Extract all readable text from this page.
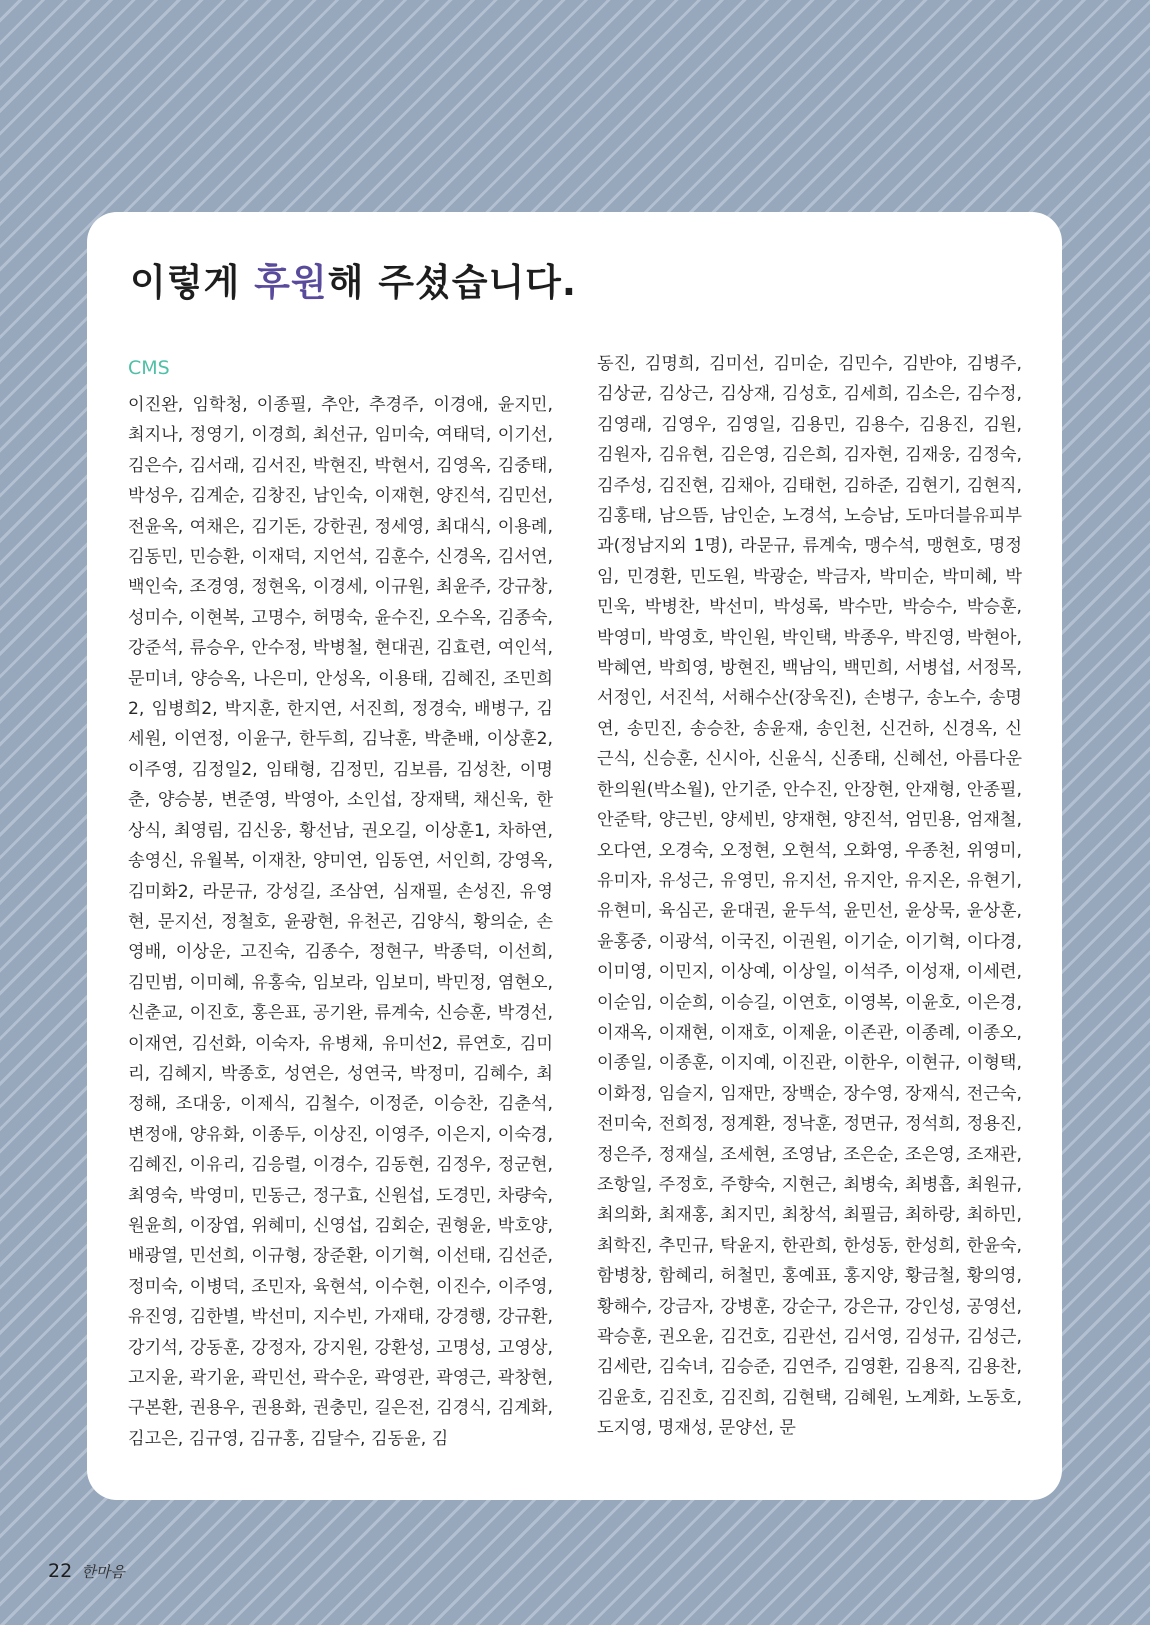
이렇게 후원해 주셨습니다.
CMS
이진완, 임학청, 이종필, 추안, 추경주, 이경애, 윤지민, 최지나, 정영기, 이경희, 최선규, 임미숙, 여태덕, 이기선, 김은수, 김서래, 김서진, 박현진, 박현서, 김영옥, 김중태, 박성우, 김계순, 김창진, 남인숙, 이재현, 양진석, 김민선, 전윤옥, 여채은, 김기돈, 강한권, 정세영, 최대식, 이용례, 김동민, 민승환, 이재덕, 지언석, 김훈수, 신경옥, 김서연, 백인숙, 조경영, 정현옥, 이경세, 이규원, 최윤주, 강규창, 성미수, 이현복, 고명수, 허명숙, 윤수진, 오수옥, 김종숙, 강준석, 류승우, 안수정, 박병철, 현대권, 김효련, 여인석, 문미녀, 양승옥, 나은미, 안성옥, 이용태, 김혜진, 조민희2, 임병희2, 박지훈, 한지연, 서진희, 정경숙, 배병구, 김세원, 이연정, 이윤구, 한두희, 김낙훈, 박춘배, 이상훈2, 이주영, 김정일2, 임태형, 김정민, 김보름, 김성찬, 이명춘, 양승봉, 변준영, 박영아, 소인섭, 장재택, 채신욱, 한상식, 최영림, 김신웅, 황선남, 권오길, 이상훈1, 차하연, 송영신, 유월복, 이재찬, 양미연, 임동연, 서인희, 강영옥, 김미화2, 라문규, 강성길, 조삼연, 심재필, 손성진, 유영현, 문지선, 정철호, 윤광현, 유천곤, 김양식, 황의순, 손영배, 이상운, 고진숙, 김종수, 정현구, 박종덕, 이선희, 김민범, 이미혜, 유홍숙, 임보라, 임보미, 박민정, 염현오, 신춘교, 이진호, 홍은표, 공기완, 류계숙, 신승훈, 박경선, 이재연, 김선화, 이숙자, 유병채, 유미선2, 류연호, 김미리, 김혜지, 박종호, 성연은, 성연국, 박정미, 김혜수, 최정해, 조대웅, 이제식, 김철수, 이정준, 이승찬, 김춘석, 변정애, 양유화, 이종두, 이상진, 이영주, 이은지, 이숙경, 김혜진, 이유리, 김응렬, 이경수, 김동현, 김정우, 정군현, 최영숙, 박영미, 민동근, 정구효, 신원섭, 도경민, 차량숙, 원윤희, 이장엽, 위혜미, 신영섭, 김회순, 권형윤, 박호양, 배광열, 민선희, 이규형, 장준환, 이기혁, 이선태, 김선준, 정미숙, 이병덕, 조민자, 육현석, 이수현, 이진수, 이주영, 유진영, 김한별, 박선미, 지수빈, 가재태, 강경행, 강규환, 강기석, 강동훈, 강정자, 강지원, 강환성, 고명성, 고영상, 고지윤, 곽기윤, 곽민선, 곽수운, 곽영관, 곽영근, 곽창현, 구본환, 권용우, 권용화, 권충민, 길은전, 김경식, 김계화, 김고은, 김규영, 김규홍, 김달수, 김동윤, 김
동진, 김명희, 김미선, 김미순, 김민수, 김반야, 김병주, 김상균, 김상근, 김상재, 김성호, 김세희, 김소은, 김수정, 김영래, 김영우, 김영일, 김용민, 김용수, 김용진, 김원, 김원자, 김유현, 김은영, 김은희, 김자현, 김재웅, 김정숙, 김주성, 김진현, 김채아, 김태헌, 김하준, 김현기, 김현직, 김홍태, 남으뜸, 남인순, 노경석, 노승남, 도마더블유피부과(정남지외 1명), 라문규, 류계숙, 맹수석, 맹현호, 명정임, 민경환, 민도원, 박광순, 박금자, 박미순, 박미혜, 박민욱, 박병찬, 박선미, 박성록, 박수만, 박승수, 박승훈, 박영미, 박영호, 박인원, 박인택, 박종우, 박진영, 박현아, 박혜연, 박희영, 방현진, 백남익, 백민희, 서병섭, 서정목, 서정인, 서진석, 서해수산(장욱진), 손병구, 송노수, 송명연, 송민진, 송승찬, 송윤재, 송인천, 신건하, 신경옥, 신근식, 신승훈, 신시아, 신윤식, 신종태, 신혜선, 아름다운한의원(박소월), 안기준, 안수진, 안장현, 안재형, 안종필, 안준탁, 양근빈, 양세빈, 양재현, 양진석, 엄민용, 엄재철, 오다연, 오경숙, 오정현, 오현석, 오화영, 우종천, 위영미, 유미자, 유성근, 유영민, 유지선, 유지안, 유지온, 유현기, 유현미, 육심곤, 윤대권, 윤두석, 윤민선, 윤상묵, 윤상훈, 윤홍중, 이광석, 이국진, 이권원, 이기순, 이기혁, 이다경, 이미영, 이민지, 이상예, 이상일, 이석주, 이성재, 이세련, 이순임, 이순희, 이승길, 이연호, 이영복, 이윤호, 이은경, 이재옥, 이재현, 이재호, 이제윤, 이존관, 이종례, 이종오, 이종일, 이종훈, 이지예, 이진관, 이한우, 이현규, 이형택, 이화정, 임슬지, 임재만, 장백순, 장수영, 장재식, 전근숙, 전미숙, 전희정, 정계환, 정낙훈, 정면규, 정석희, 정용진, 정은주, 정재실, 조세현, 조영남, 조은순, 조은영, 조재관, 조항일, 주정호, 주향숙, 지현근, 최병숙, 최병흡, 최원규, 최의화, 최재홍, 최지민, 최창석, 최필금, 최하랑, 최하민, 최학진, 추민규, 탁윤지, 한관희, 한성동, 한성희, 한윤숙, 함병창, 함혜리, 허철민, 홍예표, 홍지양, 황금철, 황의영, 황해수, 강금자, 강병훈, 강순구, 강은규, 강인성, 공영선, 곽승훈, 권오윤, 김건호, 김관선, 김서영, 김성규, 김성근, 김세란, 김숙녀, 김승준, 김연주, 김영환, 김용직, 김용찬, 김윤호, 김진호, 김진희, 김현택, 김혜원, 노계화, 노동호, 도지영, 명재성, 문양선, 문
22 한마음
